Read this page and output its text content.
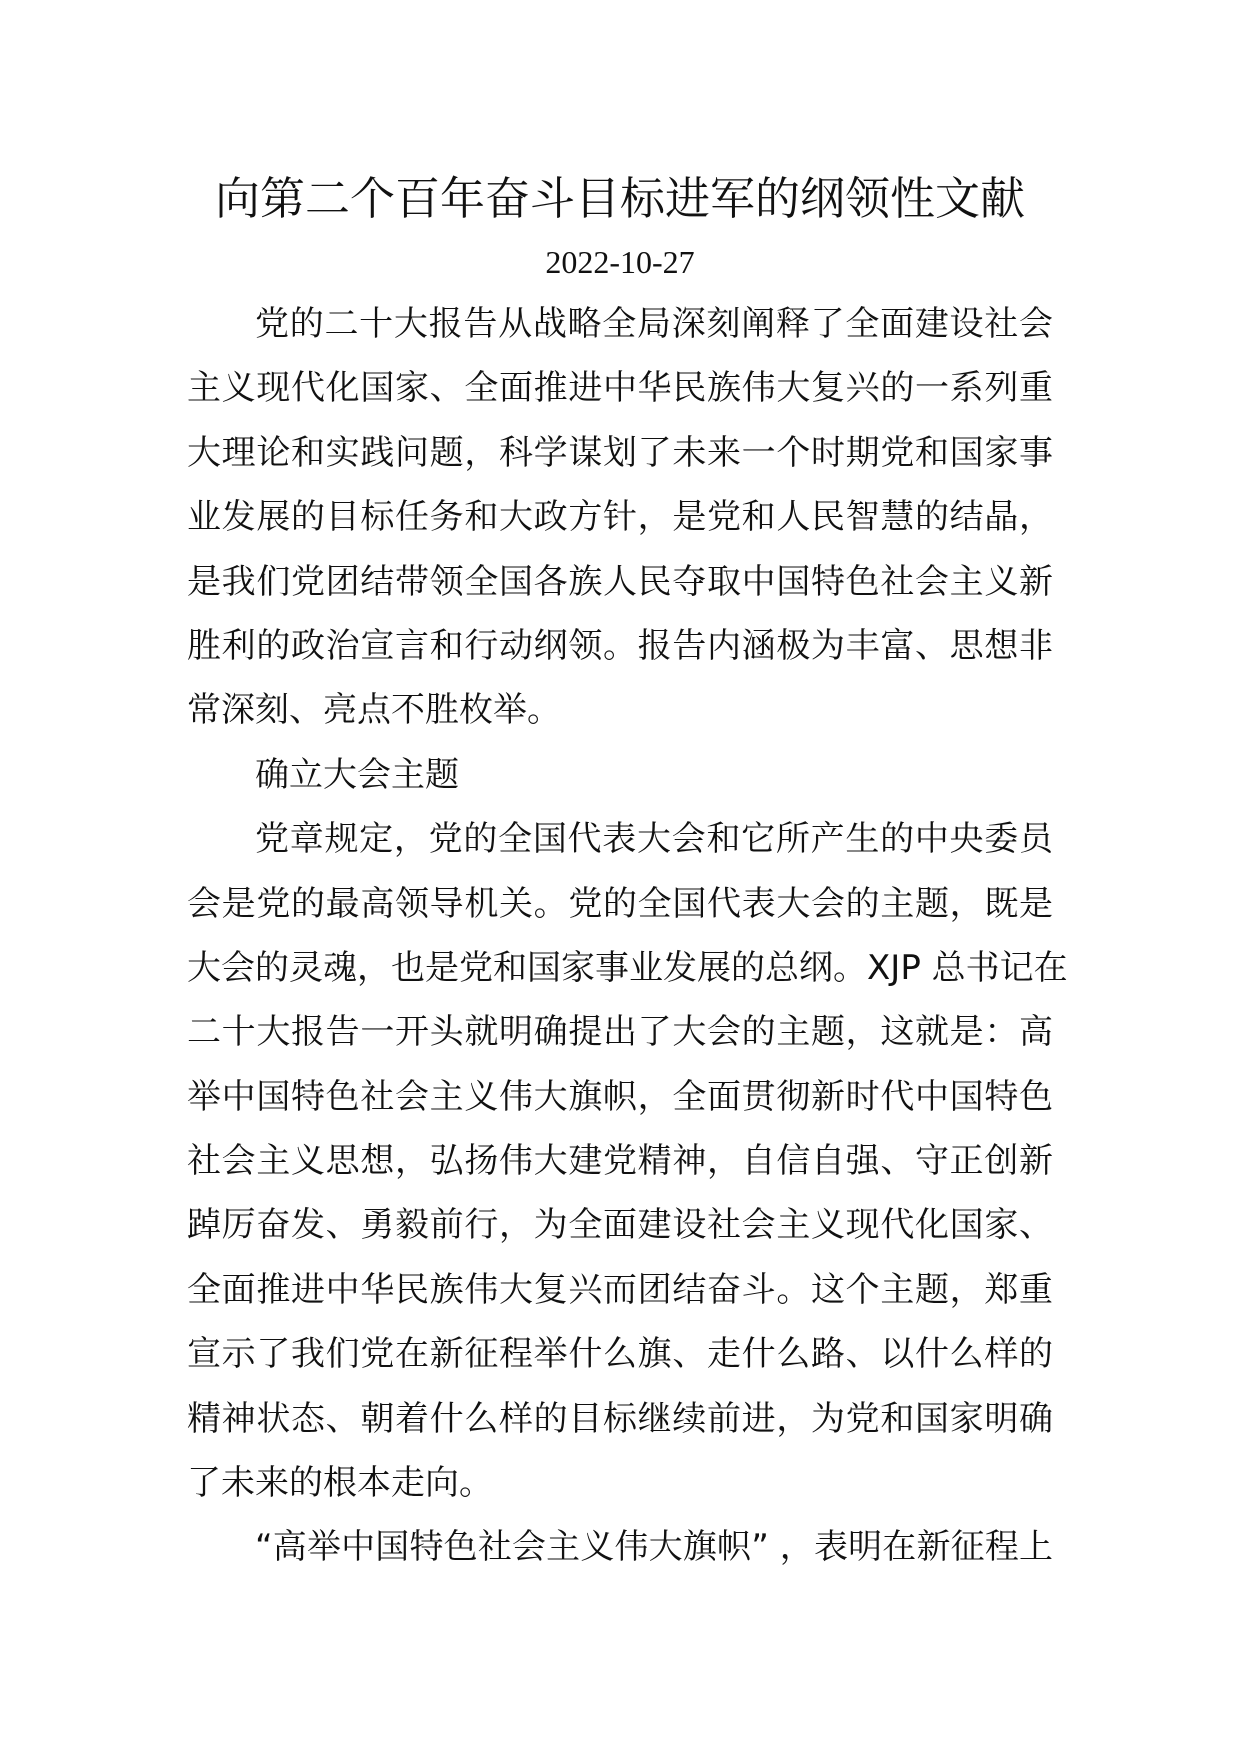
向第二个百年奋斗目标进军的纲领性文献
2022-10-27
党的二十大报告从战略全局深刻阐释了全面建设社会
主义现代化国家、全面推进中华民族伟大复兴的一系列重
大理论和实践问题，科学谋划了未来一个时期党和国家事
业发展的目标任务和大政方针，是党和人民智慧的结晶，
是我们党团结带领全国各族人民夺取中国特色社会主义新
胜利的政治宣言和行动纲领。报告内涵极为丰富、思想非
常深刻、亮点不胜枚举。
确立大会主题
党章规定，党的全国代表大会和它所产生的中央委员
会是党的最高领导机关。党的全国代表大会的主题，既是
大会的灵魂，也是党和国家事业发展的总纲。XJP 总书记在
二十大报告一开头就明确提出了大会的主题，这就是：高
举中国特色社会主义伟大旗帜，全面贯彻新时代中国特色
社会主义思想，弘扬伟大建党精神，自信自强、守正创新
踔厉奋发、勇毅前行，为全面建设社会主义现代化国家、
全面推进中华民族伟大复兴而团结奋斗。这个主题，郑重
宣示了我们党在新征程举什么旗、走什么路、以什么样的
精神状态、朝着什么样的目标继续前进，为党和国家明确
了未来的根本走向。
“高举中国特色社会主义伟大旗帜” ，表明在新征程上
